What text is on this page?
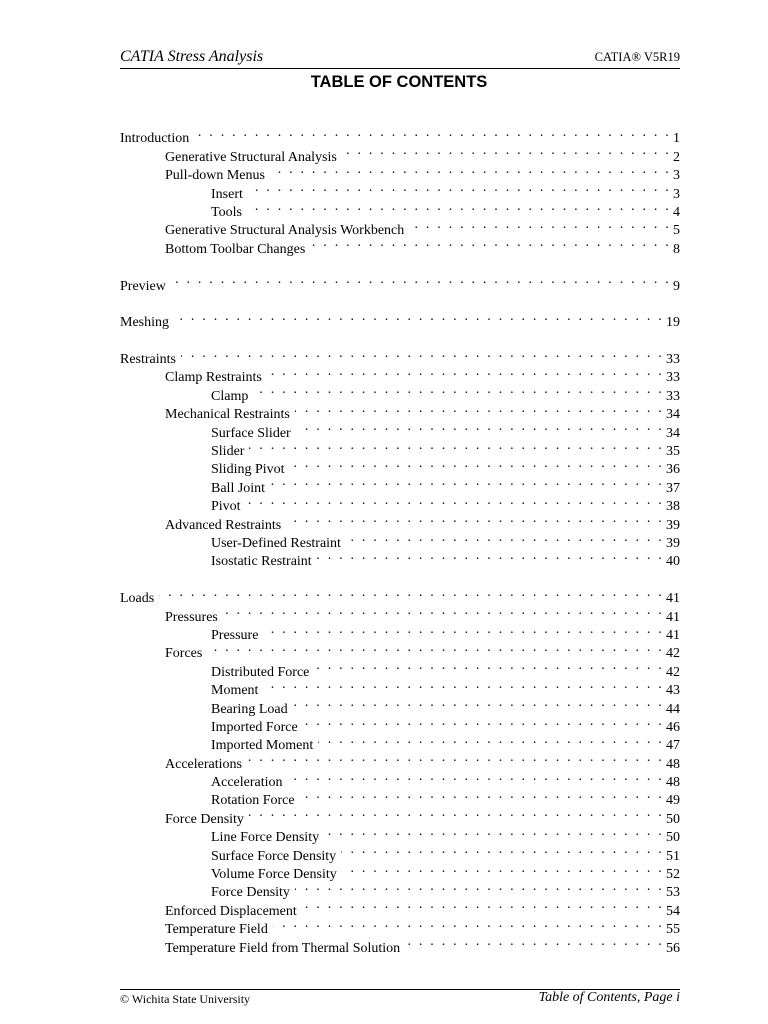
CATIA Stress Analysis	CATIA® V5R19
TABLE OF CONTENTS
Introduction . . .	1
Generative Structural Analysis . . .	2
Pull-down Menus . . .	3
Insert . . .	3
Tools . . .	4
Generative Structural Analysis Workbench . . .	5
Bottom Toolbar Changes . . .	8
Preview . . .	9
Meshing . . .	19
Restraints . . .	33
Clamp Restraints . . .	33
Clamp . . .	33
Mechanical Restraints . . .	34
Surface Slider . . .	34
Slider . . .	35
Sliding Pivot . . .	36
Ball Joint . . .	37
Pivot . . .	38
Advanced Restraints . . .	39
User-Defined Restraint . . .	39
Isostatic Restraint . . .	40
Loads . . .	41
Pressures . . .	41
Pressure . . .	41
Forces . . .	42
Distributed Force . . .	42
Moment . . .	43
Bearing Load . . .	44
Imported Force . . .	46
Imported Moment . . .	47
Accelerations . . .	48
Acceleration . . .	48
Rotation Force . . .	49
Force Density . . .	50
Line Force Density . . .	50
Surface Force Density . . .	51
Volume Force Density . . .	52
Force Density . . .	53
Enforced Displacement . . .	54
Temperature Field . . .	55
Temperature Field from Thermal Solution . . .	56
© Wichita State University	Table of Contents, Page i
